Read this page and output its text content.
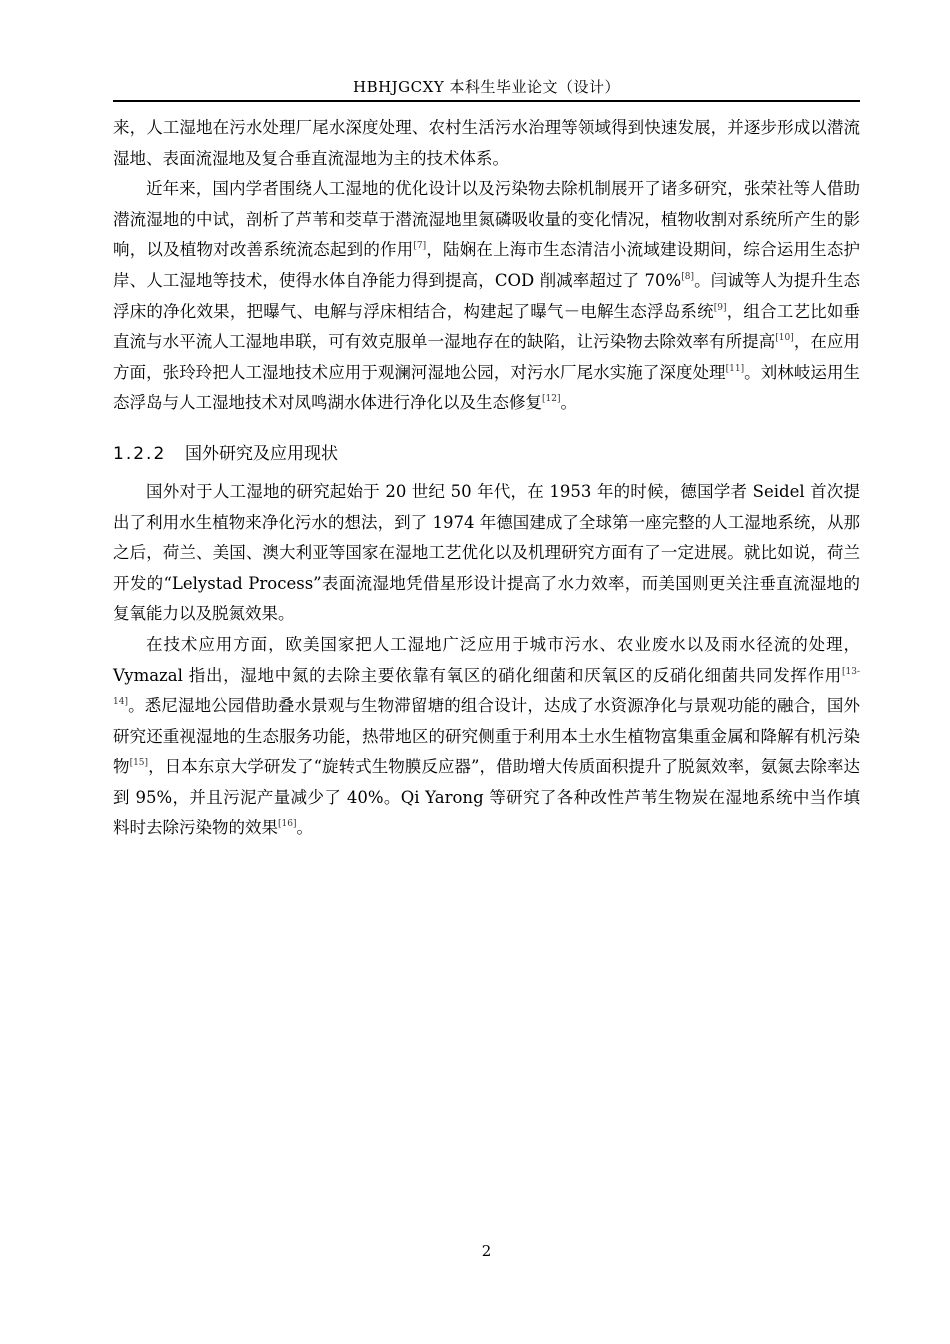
HBHJGCXY 本科生毕业论文（设计）

来，人工湿地在污水处理厂尾水深度处理、农村生活污水治理等领域得到快速发展，并逐步形成以潜流湿地、表面流湿地及复合垂直流湿地为主的技术体系。

近年来，国内学者围绕人工湿地的优化设计以及污染物去除机制展开了诸多研究，张荣社等人借助潜流湿地的中试，剖析了芦苇和茭草于潜流湿地里氮磷吸收量的变化情况，植物收割对系统所产生的影响，以及植物对改善系统流态起到的作用[7]，陆娴在上海市生态清洁小流域建设期间，综合运用生态护岸、人工湿地等技术，使得水体自净能力得到提高，COD 削减率超过了 70%[8]。闫诚等人为提升生态浮床的净化效果，把曝气、电解与浮床相结合，构建起了曝气－电解生态浮岛系统[9]，组合工艺比如垂直流与水平流人工湿地串联，可有效克服单一湿地存在的缺陷，让污染物去除效率有所提高[10]，在应用方面，张玲玲把人工湿地技术应用于观澜河湿地公园，对污水厂尾水实施了深度处理[11]。刘林岐运用生态浮岛与人工湿地技术对凤鸣湖水体进行净化以及生态修复[12]。

1.2.2 国外研究及应用现状

国外对于人工湿地的研究起始于 20 世纪 50 年代，在 1953 年的时候，德国学者 Seidel 首次提出了利用水生植物来净化污水的想法，到了 1974 年德国建成了全球第一座完整的人工湿地系统，从那之后，荷兰、美国、澳大利亚等国家在湿地工艺优化以及机理研究方面有了一定进展。就比如说，荷兰开发的“Lelystad Process”表面流湿地凭借星形设计提高了水力效率，而美国则更关注垂直流湿地的复氧能力以及脱氮效果。

在技术应用方面，欧美国家把人工湿地广泛应用于城市污水、农业废水以及雨水径流的处理，Vymazal 指出，湿地中氮的去除主要依靠有氧区的硝化细菌和厌氧区的反硝化细菌共同发挥作用[13-14]。悉尼湿地公园借助叠水景观与生物滞留塘的组合设计，达成了水资源净化与景观功能的融合，国外研究还重视湿地的生态服务功能，热带地区的研究侧重于利用本土水生植物富集重金属和降解有机污染物[15]，日本东京大学研发了“旋转式生物膜反应器”，借助增大传质面积提升了脱氮效率，氨氮去除率达到 95%，并且污泥产量减少了 40%。Qi Yarong 等研究了各种改性芦苇生物炭在湿地系统中当作填料时去除污染物的效果[16]。

2
